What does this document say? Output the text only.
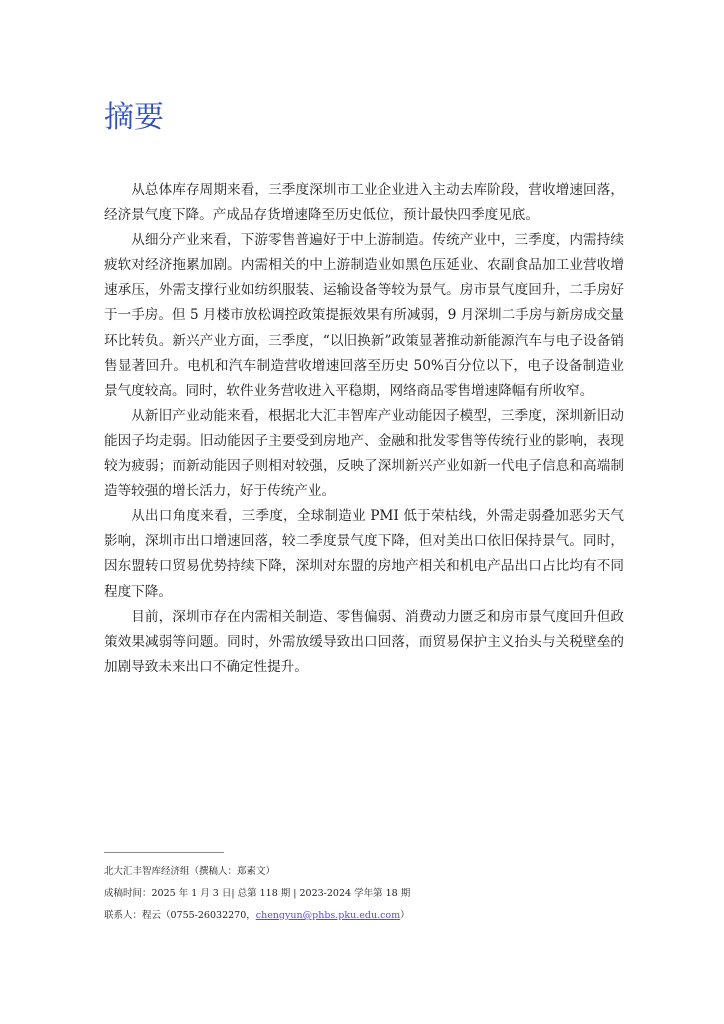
摘要

从总体库存周期来看，三季度深圳市工业企业进入主动去库阶段，营收增速回落，经济景气度下降。产成品存货增速降至历史低位，预计最快四季度见底。

从细分产业来看，下游零售普遍好于中上游制造。传统产业中，三季度，内需持续疲软对经济拖累加剧。内需相关的中上游制造业如黑色压延业、农副食品加工业营收增速承压，外需支撑行业如纺织服装、运输设备等较为景气。房市景气度回升，二手房好于一手房。但 5 月楼市放松调控政策提振效果有所减弱，9 月深圳二手房与新房成交量环比转负。新兴产业方面，三季度，“以旧换新”政策显著推动新能源汽车与电子设备销售显著回升。电机和汽车制造营收增速回落至历史 50%百分位以下，电子设备制造业景气度较高。同时，软件业务营收进入平稳期，网络商品零售增速降幅有所收窄。

从新旧产业动能来看，根据北大汇丰智库产业动能因子模型，三季度，深圳新旧动能因子均走弱。旧动能因子主要受到房地产、金融和批发零售等传统行业的影响，表现较为疲弱；而新动能因子则相对较强，反映了深圳新兴产业如新一代电子信息和高端制造等较强的增长活力，好于传统产业。

从出口角度来看，三季度，全球制造业 PMI 低于荣枯线，外需走弱叠加恶劣天气影响，深圳市出口增速回落，较二季度景气度下降，但对美出口依旧保持景气。同时，因东盟转口贸易优势持续下降，深圳对东盟的房地产相关和机电产品出口占比均有不同程度下降。

目前，深圳市存在内需相关制造、零售偏弱、消费动力匮乏和房市景气度回升但政策效果减弱等问题。同时，外需放缓导致出口回落，而贸易保护主义抬头与关税壁垒的加剧导致未来出口不确定性提升。

北大汇丰智库经济组（撰稿人：郑素文）
成稿时间：2025 年 1 月 3 日| 总第 118 期 | 2023-2024 学年第 18 期
联系人：程云（0755-26032270，chengyun@phbs.pku.edu.com）
